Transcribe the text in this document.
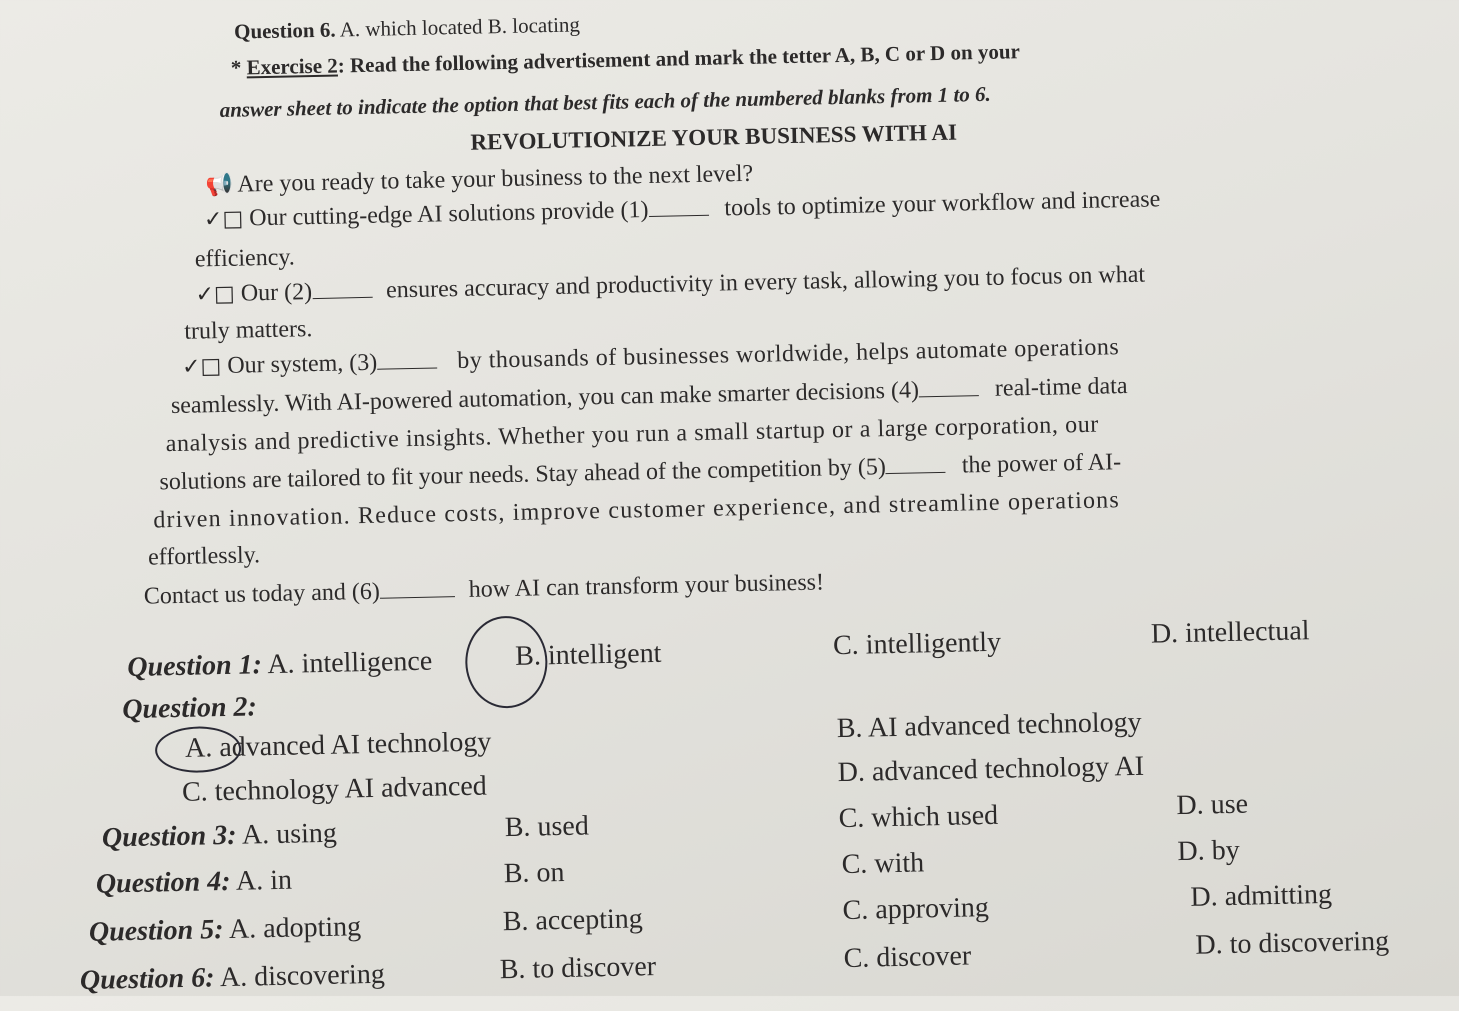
Question 6. A. which located B. locating
* Exercise 2: Read the following advertisement and mark the tetter A, B, C or D on your
answer sheet to indicate the option that best fits each of the numbered blanks from 1 to 6.
REVOLUTIONIZE YOUR BUSINESS WITH AI
📢 Are you ready to take your business to the next level?
✓□ Our cutting-edge AI solutions provide (1)	tools to optimize your workflow and increase
efficiency.
✓□ Our (2)	ensures accuracy and productivity in every task, allowing you to focus on what
truly matters.
✓□ Our system, (3)	by thousands of businesses worldwide, helps automate operations
seamlessly. With AI-powered automation, you can make smarter decisions (4)	real-time data
analysis and predictive insights. Whether you run a small startup or a large corporation, our
solutions are tailored to fit your needs. Stay ahead of the competition by (5)	the power of AI-
driven innovation. Reduce costs, improve customer experience, and streamline operations
effortlessly.
Contact us today and (6)	how AI can transform your business!
Question 1: A. intelligence	B. intelligent	C. intelligently	D. intellectual
Question 2:
A. advanced AI technology
B. AI advanced technology
C. technology AI advanced
D. advanced technology AI
Question 3: A. using	B. used	C. which used	D. use
Question 4: A. in	B. on	C. with	D. by
Question 5: A. adopting	B. accepting	C. approving	D. admitting
Question 6: A. discovering	B. to discover	C. discover	D. to discovering
